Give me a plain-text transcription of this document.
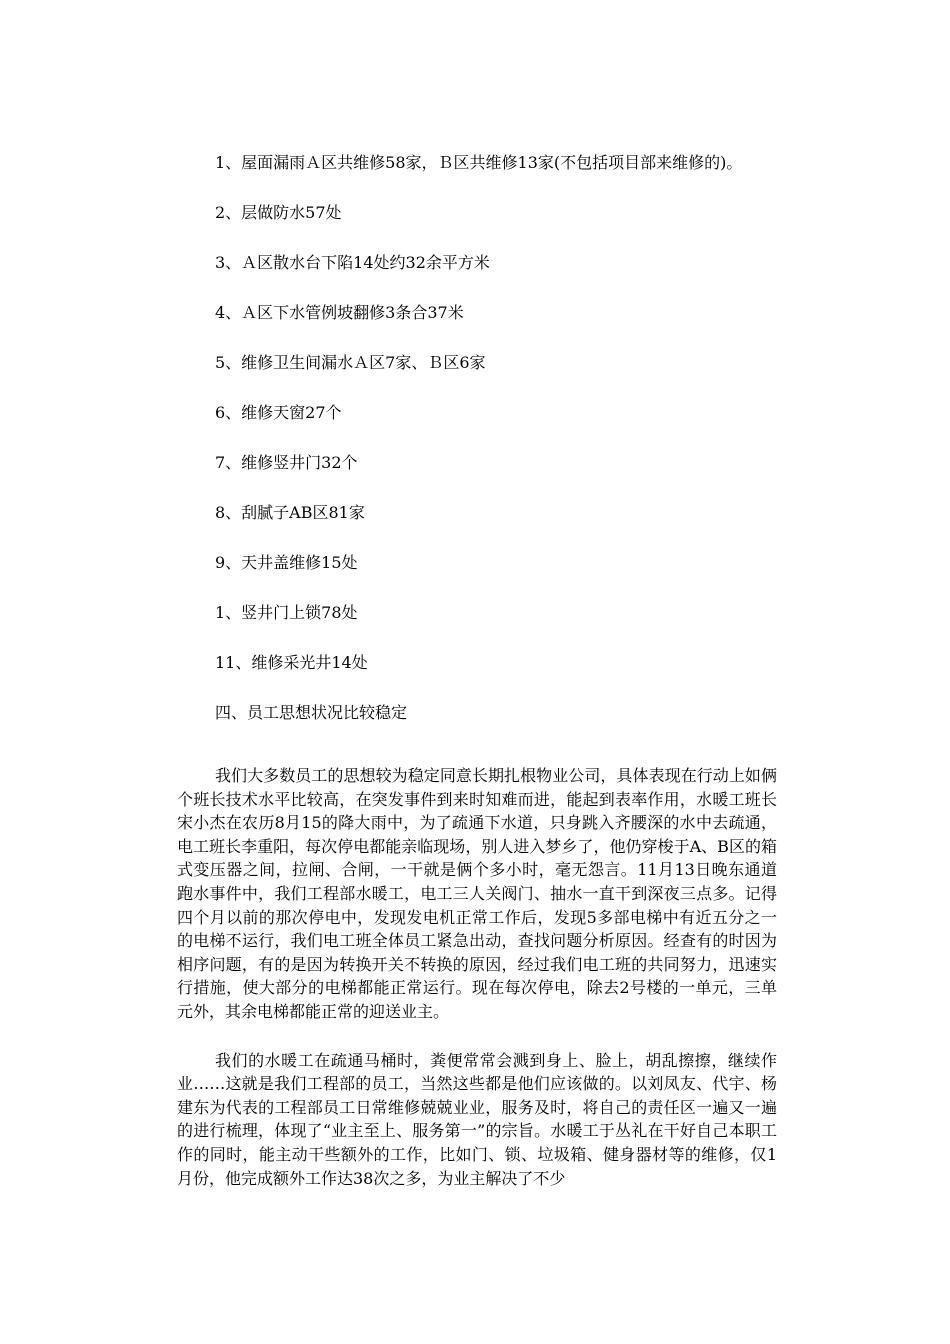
1、屋面漏雨Ａ区共维修58家，Ｂ区共维修13家(不包括项目部来维修的)。
2、层做防水57处
3、Ａ区散水台下陷14处约32余平方米
4、Ａ区下水管例坡翻修3条合37米
5、维修卫生间漏水Ａ区7家、Ｂ区6家
6、维修天窗27个
7、维修竖井门32个
8、刮腻子AB区81家
9、天井盖维修15处
1、竖井门上锁78处
11、维修采光井14处
四、员工思想状况比较稳定

我们大多数员工的思想较为稳定同意长期扎根物业公司，具体表现在行动上如俩个班长技术水平比较高，在突发事件到来时知难而进，能起到表率作用，水暖工班长宋小杰在农历8月15的降大雨中，为了疏通下水道，只身跳入齐腰深的水中去疏通，电工班长李重阳，每次停电都能亲临现场，别人进入梦乡了，他仍穿梭于A、B区的箱式变压器之间，拉闸、合闸，一干就是俩个多小时，毫无怨言。11月13日晚东通道跑水事件中，我们工程部水暖工，电工三人关阀门、抽水一直干到深夜三点多。记得四个月以前的那次停电中，发现发电机正常工作后，发现5多部电梯中有近五分之一的电梯不运行，我们电工班全体员工紧急出动，查找问题分析原因。经查有的时因为相序问题，有的是因为转换开关不转换的原因，经过我们电工班的共同努力，迅速实行措施，使大部分的电梯都能正常运行。现在每次停电，除去2号楼的一单元，三单元外，其余电梯都能正常的迎送业主。

我们的水暖工在疏通马桶时，粪便常常会溅到身上、脸上，胡乱擦擦，继续作业……这就是我们工程部的员工，当然这些都是他们应该做的。以刘凤友、代宇、杨建东为代表的工程部员工日常维修兢兢业业，服务及时，将自己的责任区一遍又一遍的进行梳理，体现了“业主至上、服务第一”的宗旨。水暖工于丛礼在干好自己本职工作的同时，能主动干些额外的工作，比如门、锁、垃圾箱、健身器材等的维修，仅1月份，他完成额外工作达38次之多，为业主解决了不少
